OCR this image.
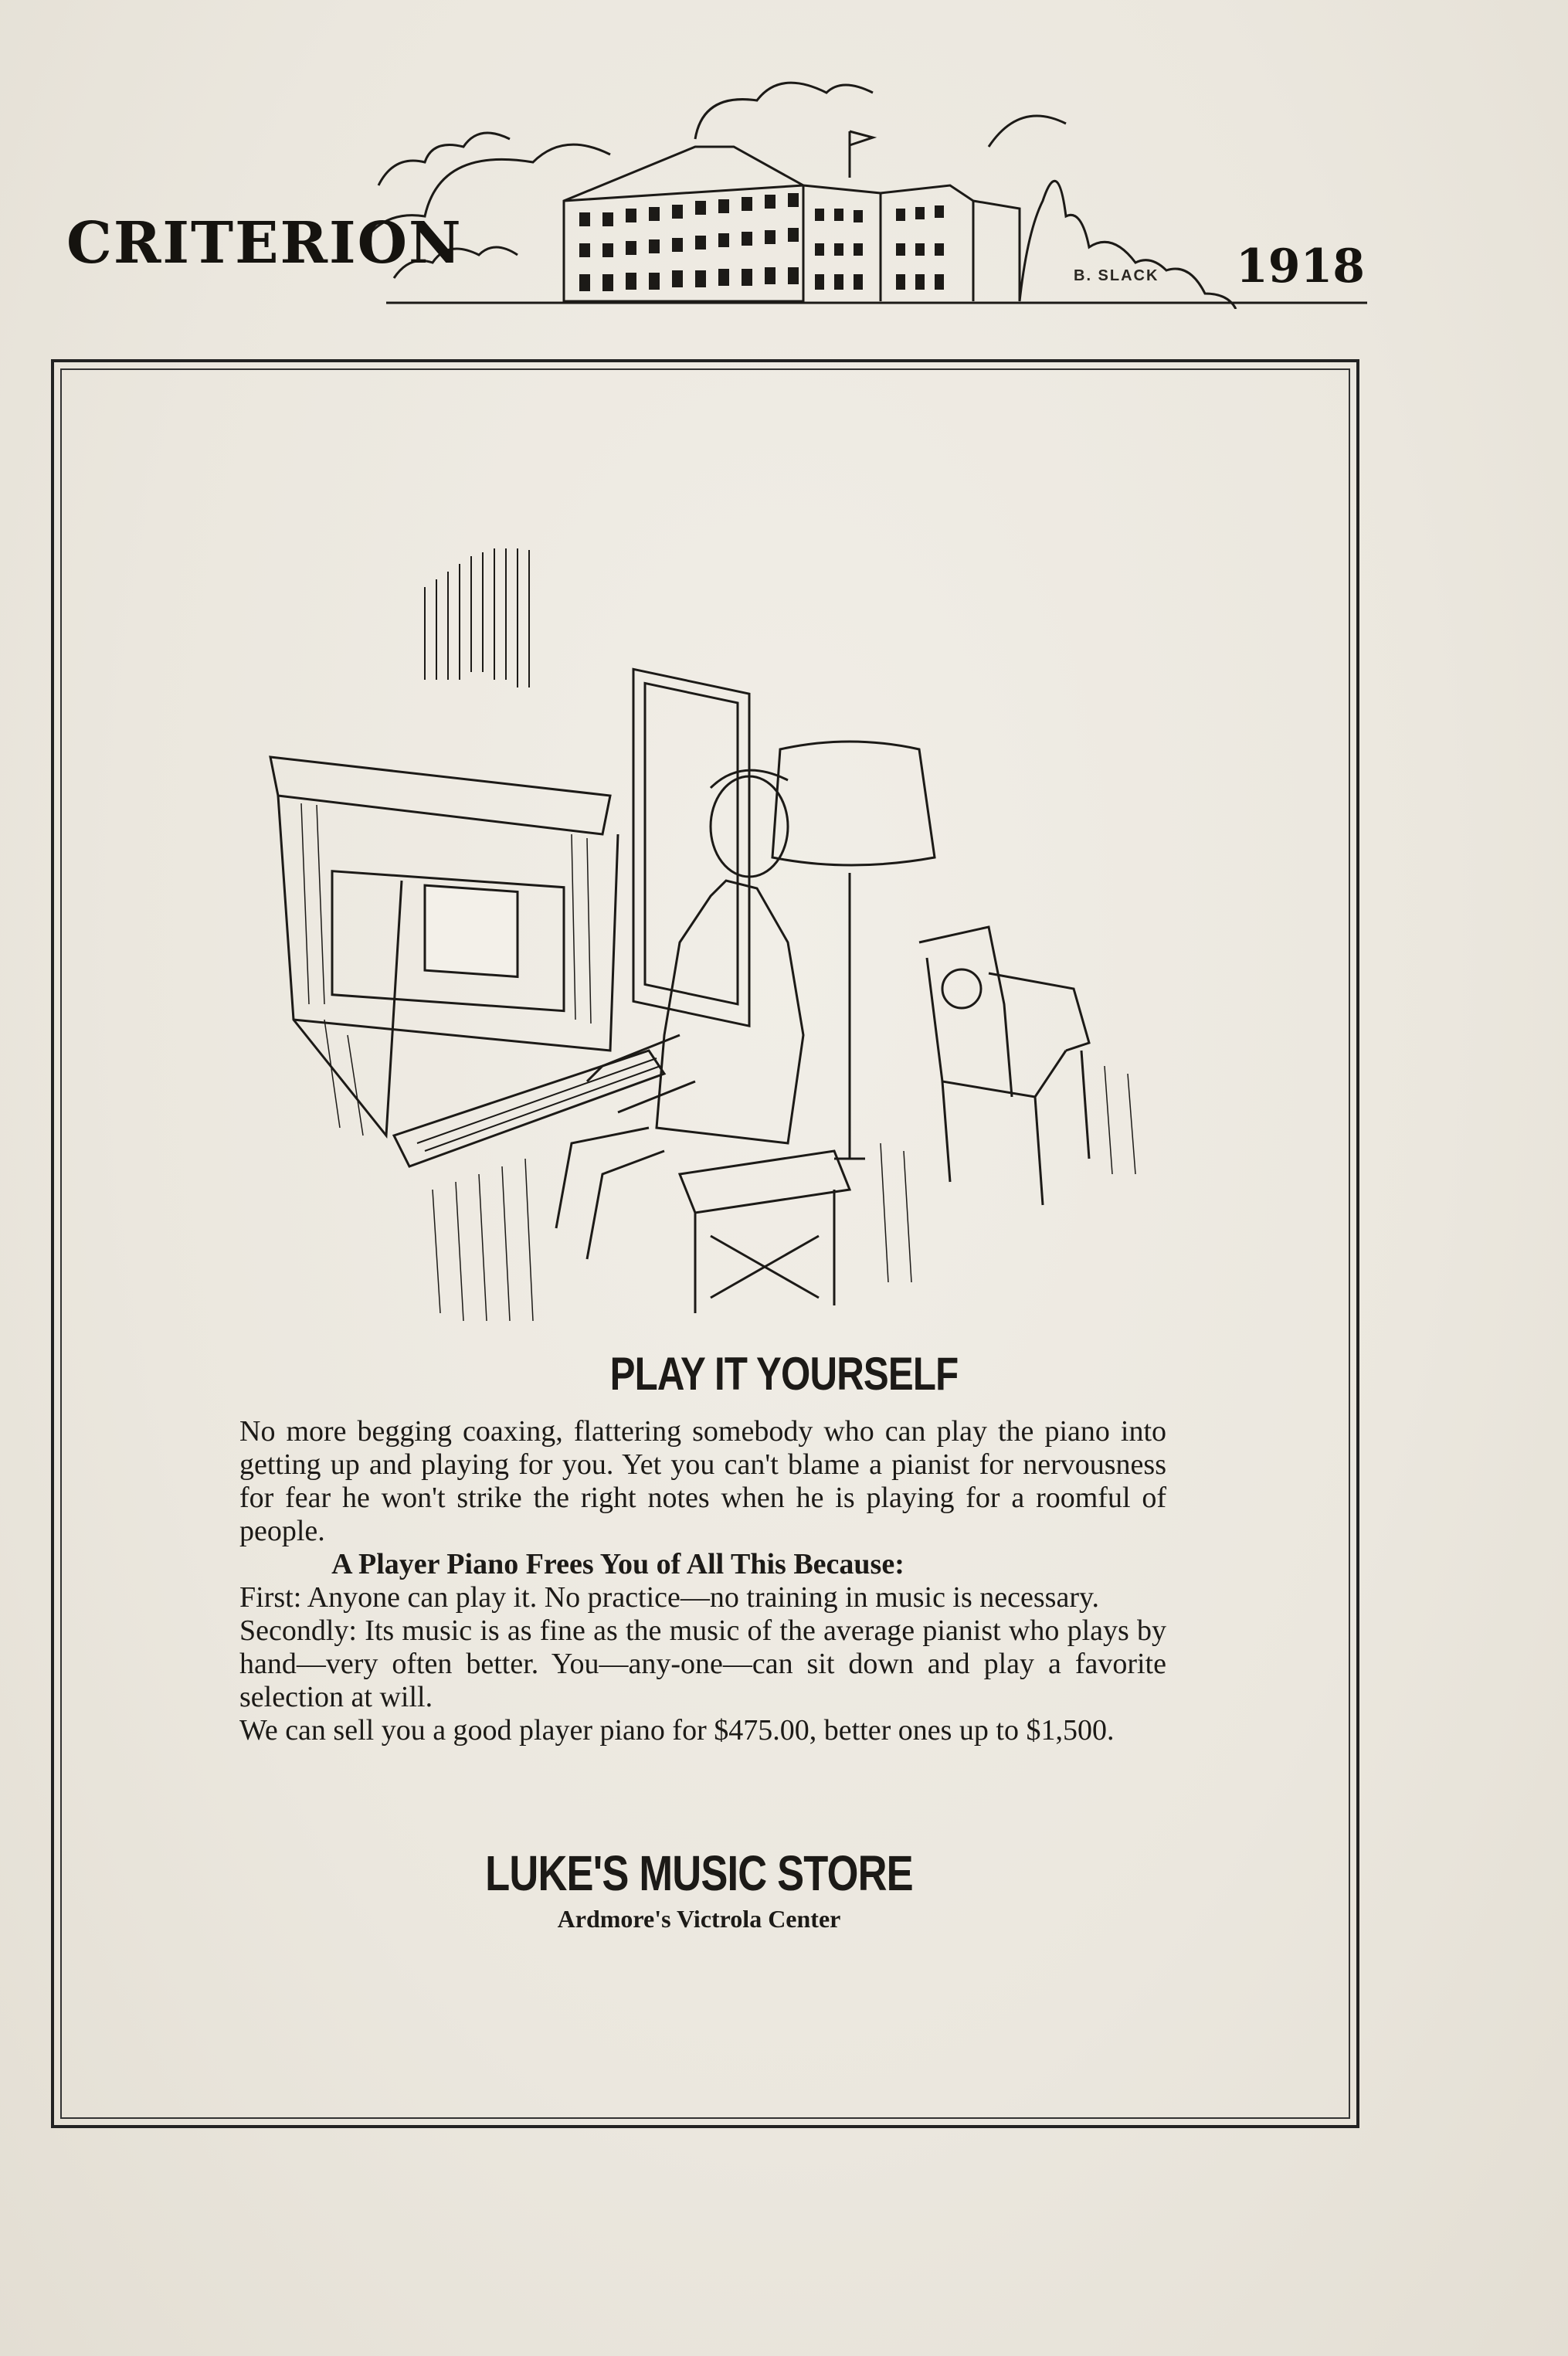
CRITERION	B. SLACK 1918
PLAY IT YOURSELF

No more begging coaxing, flattering somebody who can play the piano into getting up and playing for you. Yet you can't blame a pianist for nervousness for fear he won't strike the right notes when he is playing for a roomful of people.

A Player Piano Frees You of All This Because:

First: Anyone can play it. No practice—no training in music is necessary.

Secondly: Its music is as fine as the music of the average pianist who plays by hand—very often better. You—any-one—can sit down and play a favorite selection at will.

We can sell you a good player piano for $475.00, better ones up to $1,500.

LUKE'S MUSIC STORE
Ardmore's Victrola Center
